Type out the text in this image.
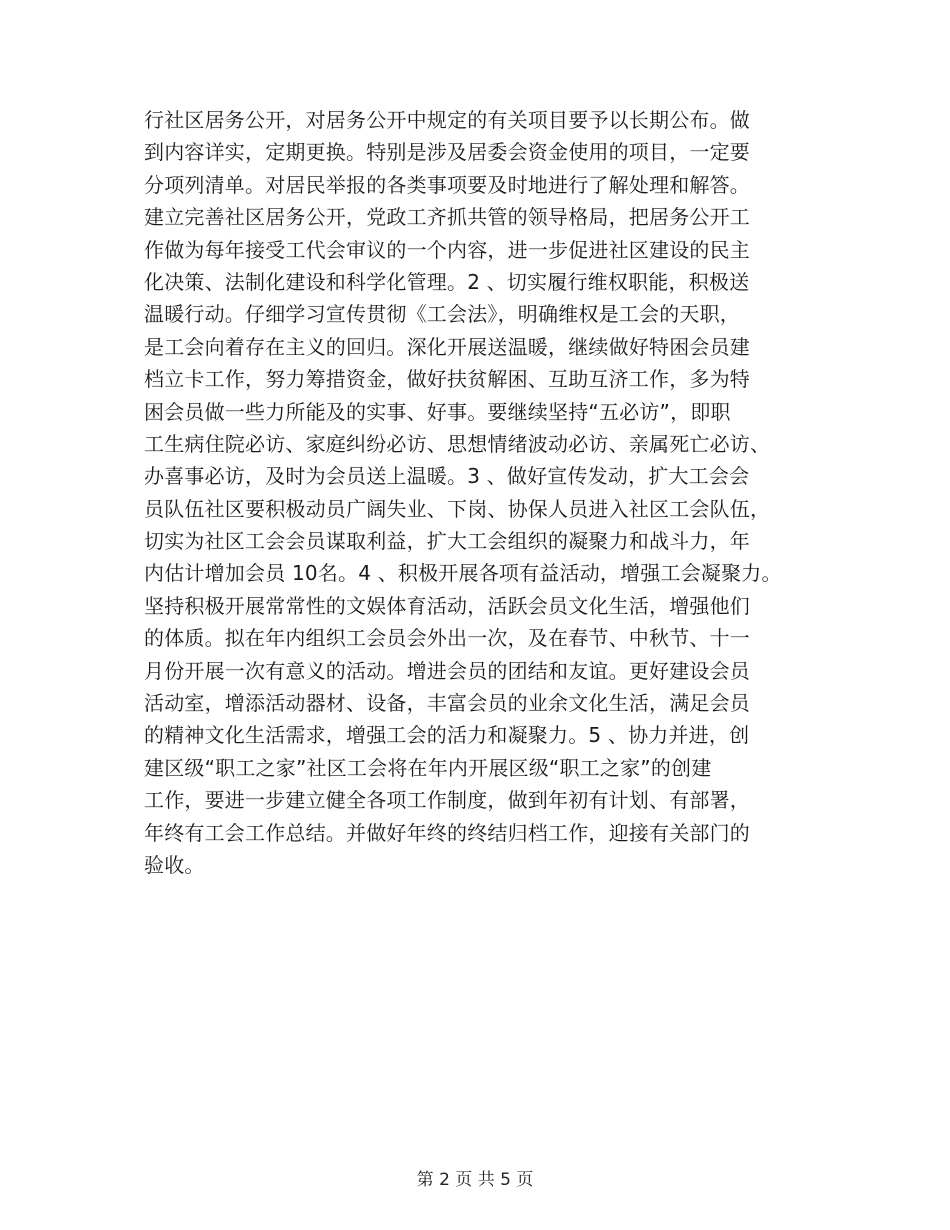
行社区居务公开，对居务公开中规定的有关项目要予以长期公布。做
到内容详实，定期更换。特别是涉及居委会资金使用的项目，一定要
分项列清单。对居民举报的各类事项要及时地进行了解处理和解答。
建立完善社区居务公开，党政工齐抓共管的领导格局，把居务公开工
作做为每年接受工代会审议的一个内容，进一步促进社区建设的民主
化决策、法制化建设和科学化管理。2 、切实履行维权职能，积极送
温暖行动。仔细学习宣传贯彻《工会法》，明确维权是工会的天职，
是工会向着存在主义的回归。深化开展送温暖，继续做好特困会员建
档立卡工作，努力筹措资金，做好扶贫解困、互助互济工作，多为特
困会员做一些力所能及的实事、好事。要继续坚持“五必访”，即职
工生病住院必访、家庭纠纷必访、思想情绪波动必访、亲属死亡必访、
办喜事必访，及时为会员送上温暖。3 、做好宣传发动，扩大工会会
员队伍社区要积极动员广阔失业、下岗、协保人员进入社区工会队伍，
切实为社区工会会员谋取利益，扩大工会组织的凝聚力和战斗力，年
内估计增加会员 10名。4 、积极开展各项有益活动，增强工会凝聚力。
坚持积极开展常常性的文娱体育活动，活跃会员文化生活，增强他们
的体质。拟在年内组织工会员会外出一次，及在春节、中秋节、十一
月份开展一次有意义的活动。增进会员的团结和友谊。更好建设会员
活动室，增添活动器材、设备，丰富会员的业余文化生活，满足会员
的精神文化生活需求，增强工会的活力和凝聚力。5 、协力并进，创
建区级“职工之家”社区工会将在年内开展区级“职工之家”的创建
工作，要进一步建立健全各项工作制度，做到年初有计划、有部署，
年终有工会工作总结。并做好年终的终结归档工作，迎接有关部门的
验收。
第 2 页 共 5 页
